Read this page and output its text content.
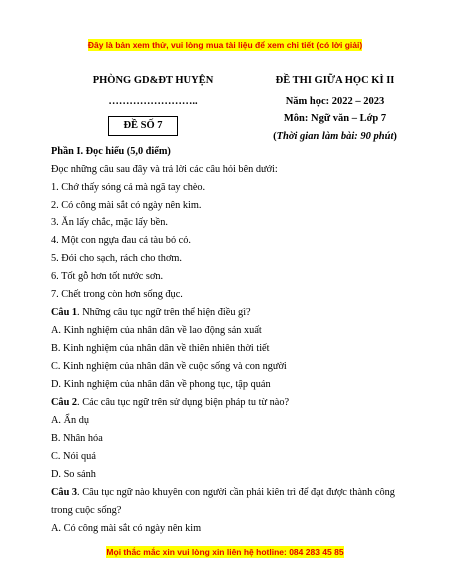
Đây là bản xem thử, vui lòng mua tài liệu để xem chi tiết (có lời giải)
PHÒNG GD&ĐT HUYỆN
……………………..
ĐỀ SỐ 7
ĐỀ THI GIỮA HỌC KÌ II
Năm học: 2022 – 2023
Môn: Ngữ văn – Lớp 7
(Thời gian làm bài: 90 phút)
Phần I. Đọc hiểu (5,0 điểm)
Đọc những câu sau đây và trả lời các câu hỏi bên dưới:
1. Chớ thấy sóng cả mà ngã tay chèo.
2. Có công mài sắt có ngày nên kim.
3. Ăn lấy chắc, mặc lấy bền.
4. Một con ngựa đau cả tàu bỏ cỏ.
5. Đói cho sạch, rách cho thơm.
6. Tốt gỗ hơn tốt nước sơn.
7. Chết trong còn hơn sống đục.
Câu 1. Những câu tục ngữ trên thể hiện điều gì?
A. Kinh nghiệm của nhân dân về lao động sản xuất
B. Kinh nghiệm của nhân dân về thiên nhiên thời tiết
C. Kinh nghiệm của nhân dân về cuộc sống và con người
D. Kinh nghiệm của nhân dân về phong tục, tập quán
Câu 2. Các câu tục ngữ trên sử dụng biện pháp tu từ nào?
A. Ẩn dụ
B. Nhân hóa
C. Nói quá
D. So sánh
Câu 3. Câu tục ngữ nào khuyên con người cần phải kiên trì để đạt được thành công
trong cuộc sống?
A. Có công mài sắt có ngày nên kim
Mọi thắc mắc xin vui lòng xin liên hệ hotline: 084 283 45 85
